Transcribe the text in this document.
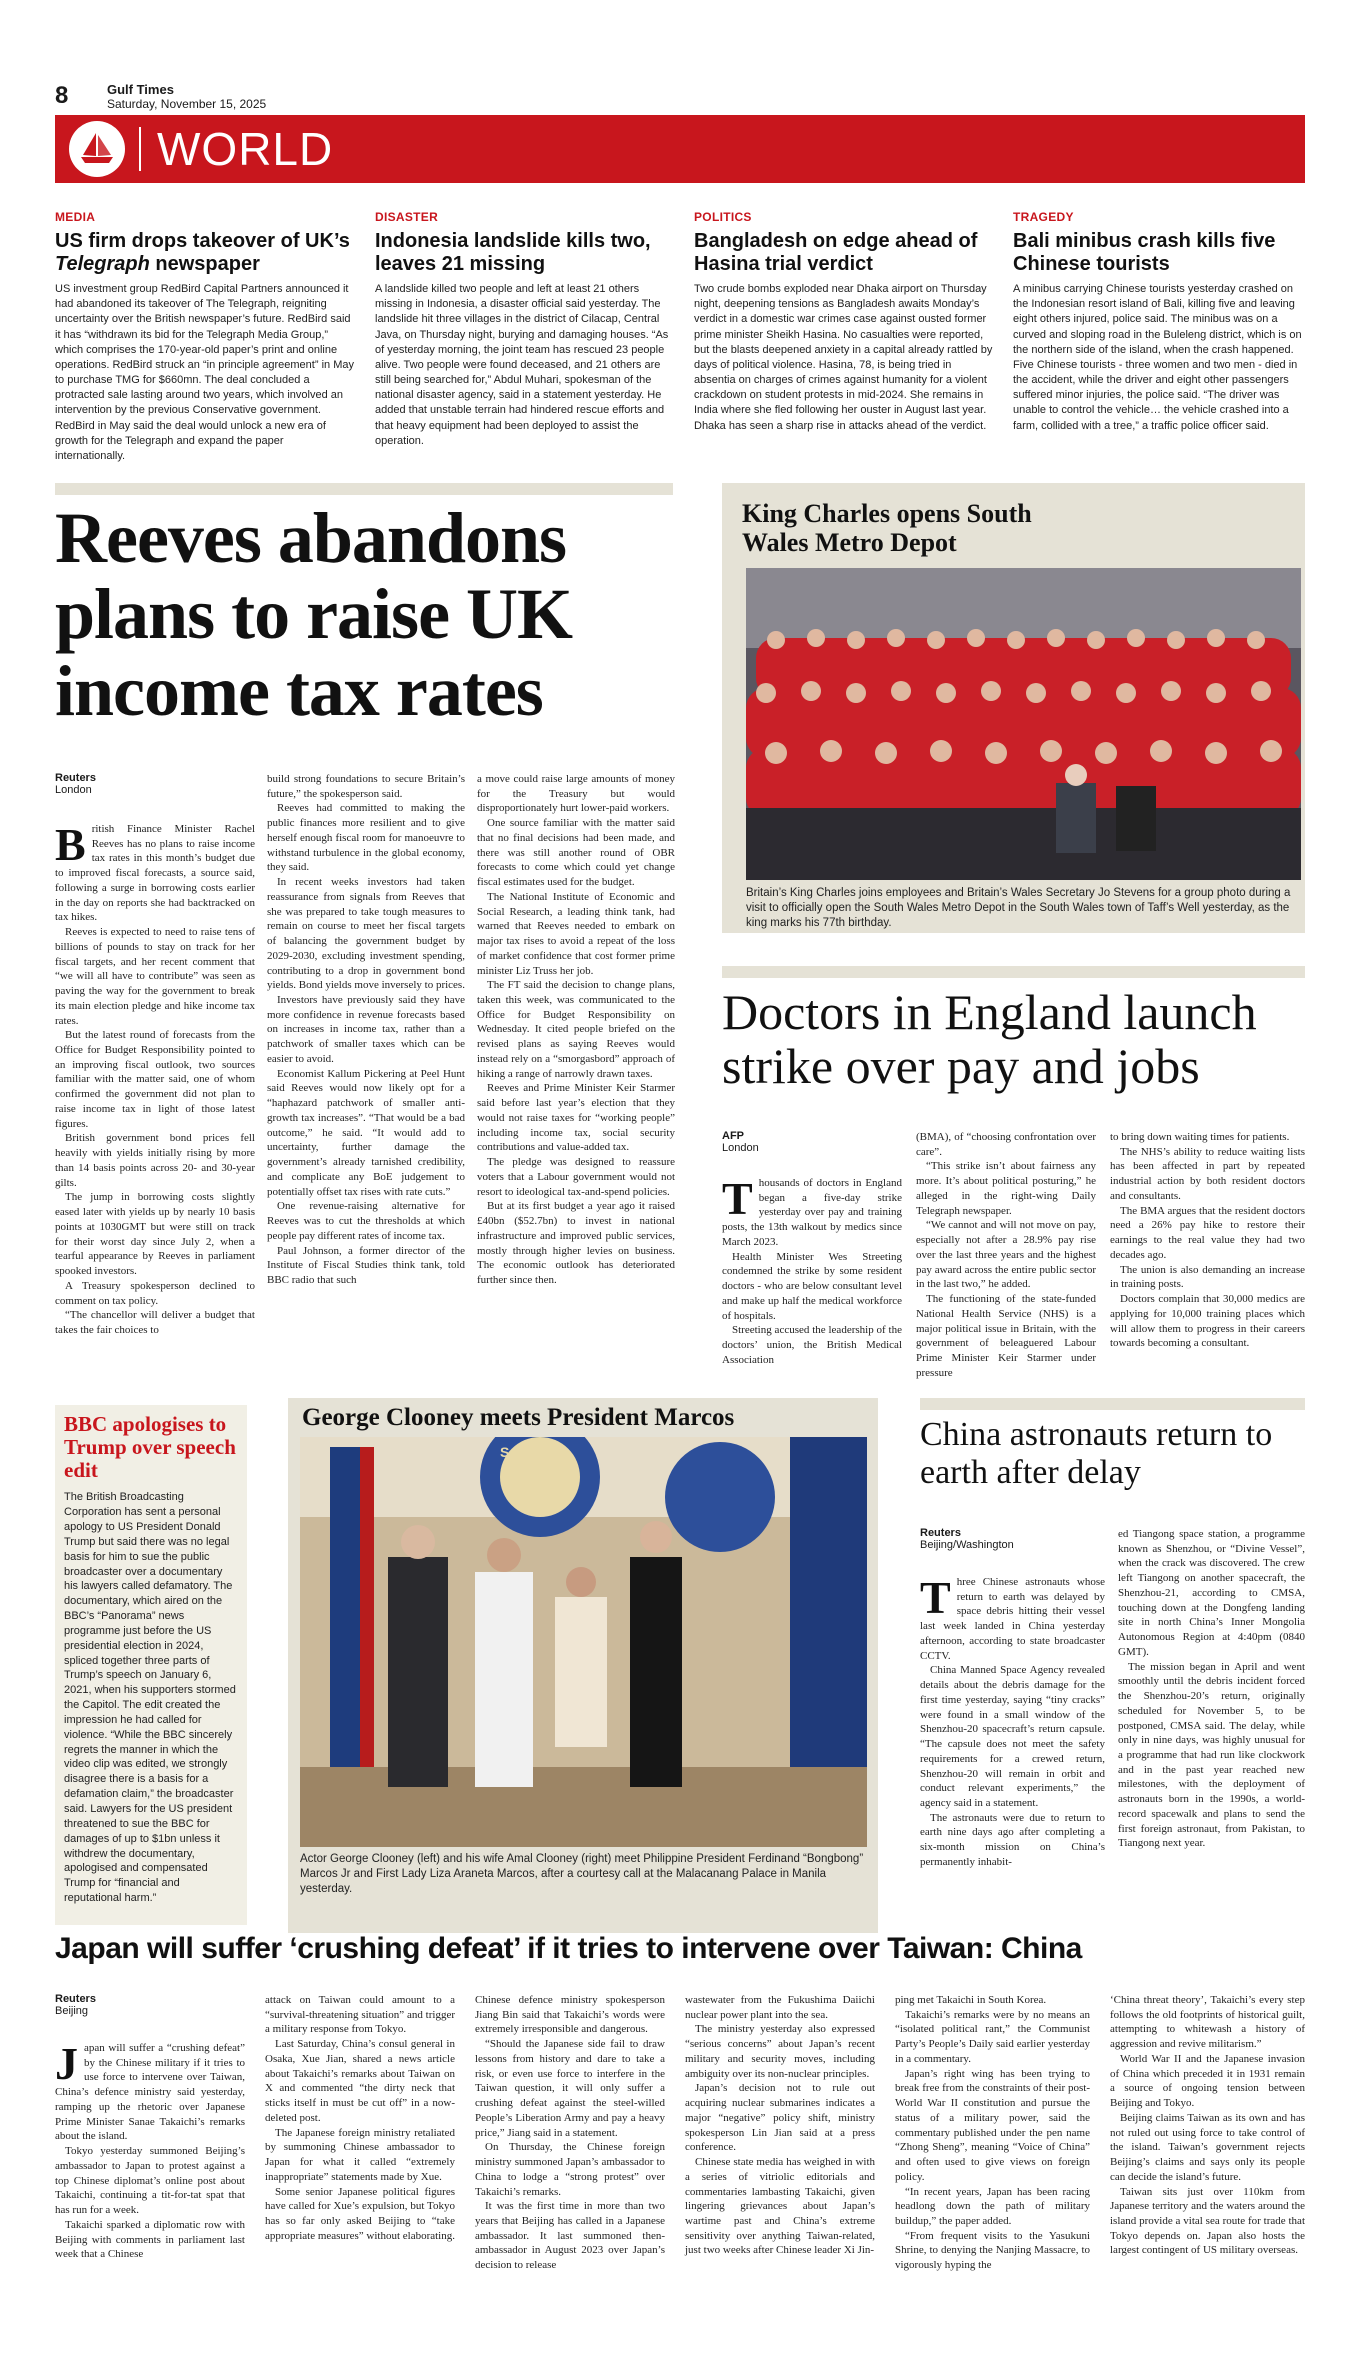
8	Gulf Times
Saturday, November 15, 2025
WORLD
MEDIA
US firm drops takeover of UK’s Telegraph newspaper
US investment group RedBird Capital Partners announced it had abandoned its takeover of The Telegraph, reigniting uncertainty over the British newspaper’s future. RedBird said it has “withdrawn its bid for the Telegraph Media Group,” which comprises the 170-year-old paper’s print and online operations. RedBird struck an “in principle agreement” in May to purchase TMG for $660mn. The deal concluded a protracted sale lasting around two years, which involved an intervention by the previous Conservative government. RedBird in May said the deal would unlock a new era of growth for the Telegraph and expand the paper internationally.
DISASTER
Indonesia landslide kills two, leaves 21 missing
A landslide killed two people and left at least 21 others missing in Indonesia, a disaster official said yesterday. The landslide hit three villages in the district of Cilacap, Central Java, on Thursday night, burying and damaging houses. “As of yesterday morning, the joint team has rescued 23 people alive. Two people were found deceased, and 21 others are still being searched for,” Abdul Muhari, spokesman of the national disaster agency, said in a statement yesterday. He added that unstable terrain had hindered rescue efforts and that heavy equipment had been deployed to assist the operation.
POLITICS
Bangladesh on edge ahead of Hasina trial verdict
Two crude bombs exploded near Dhaka airport on Thursday night, deepening tensions as Bangladesh awaits Monday’s verdict in a domestic war crimes case against ousted former prime minister Sheikh Hasina. No casualties were reported, but the blasts deepened anxiety in a capital already rattled by days of political violence. Hasina, 78, is being tried in absentia on charges of crimes against humanity for a violent crackdown on student protests in mid-2024. She remains in India where she fled following her ouster in August last year. Dhaka has seen a sharp rise in attacks ahead of the verdict.
TRAGEDY
Bali minibus crash kills five Chinese tourists
A minibus carrying Chinese tourists yesterday crashed on the Indonesian resort island of Bali, killing five and leaving eight others injured, police said. The minibus was on a curved and sloping road in the Buleleng district, which is on the northern side of the island, when the crash happened. Five Chinese tourists - three women and two men - died in the accident, while the driver and eight other passengers suffered minor injuries, the police said. “The driver was unable to control the vehicle… the vehicle crashed into a farm, collided with a tree,” a traffic police officer said.
Reeves abandons plans to raise UK income tax rates
Reuters
London

British Finance Minister Rachel Reeves has no plans to raise income tax rates in this month’s budget due to improved fiscal forecasts, a source said, following a surge in borrowing costs earlier in the day on reports she had backtracked on tax hikes.

Reeves is expected to need to raise tens of billions of pounds to stay on track for her fiscal targets, and her recent comment that “we will all have to contribute” was seen as paving the way for the government to break its main election pledge and hike income tax rates.

But the latest round of forecasts from the Office for Budget Responsibility pointed to an improving fiscal outlook, two sources familiar with the matter said, one of whom confirmed the government did not plan to raise income tax in light of those latest figures.

British government bond prices fell heavily with yields initially rising by more than 14 basis points across 20- and 30-year gilts.

The jump in borrowing costs slightly eased later with yields up by nearly 10 basis points at 1030GMT but were still on track for their worst day since July 2, when a tearful appearance by Reeves in parliament spooked investors.

A Treasury spokesperson declined to comment on tax policy.

“The chancellor will deliver a budget that takes the fair choices to

build strong foundations to secure Britain’s future,” the spokesperson said.

Reeves had committed to making the public finances more resilient and to give herself enough fiscal room for manoeuvre to withstand turbulence in the global economy, they said.

In recent weeks investors had taken reassurance from signals from Reeves that she was prepared to take tough measures to remain on course to meet her fiscal targets of balancing the government budget by 2029-2030, excluding investment spending, contributing to a drop in government bond yields. Bond yields move inversely to prices.

Investors have previously said they have more confidence in revenue forecasts based on increases in income tax, rather than a patchwork of smaller taxes which can be easier to avoid.

Economist Kallum Pickering at Peel Hunt said Reeves would now likely opt for a “haphazard patchwork of smaller anti-growth tax increases”. “That would be a bad outcome,” he said. “It would add to uncertainty, further damage the government’s already tarnished credibility, and complicate any BoE judgement to potentially offset tax rises with rate cuts.”

One revenue-raising alternative for Reeves was to cut the thresholds at which people pay different rates of income tax.

Paul Johnson, a former director of the Institute of Fiscal Studies think tank, told BBC radio that such

a move could raise large amounts of money for the Treasury but would disproportionately hurt lower-paid workers.

One source familiar with the matter said that no final decisions had been made, and there was still another round of OBR forecasts to come which could yet change fiscal estimates used for the budget.

The National Institute of Economic and Social Research, a leading think tank, had warned that Reeves needed to embark on major tax rises to avoid a repeat of the loss of market confidence that cost former prime minister Liz Truss her job.

The FT said the decision to change plans, taken this week, was communicated to the Office for Budget Responsibility on Wednesday. It cited people briefed on the revised plans as saying Reeves would instead rely on a “smorgasbord” approach of hiking a range of narrowly drawn taxes.

Reeves and Prime Minister Keir Starmer said before last year’s election that they would not raise taxes for “working people” including income tax, social security contributions and value-added tax.

The pledge was designed to reassure voters that a Labour government would not resort to ideological tax-and-spend policies.

But at its first budget a year ago it raised £40bn ($52.7bn) to invest in national infrastructure and improved public services, mostly through higher levies on business. The economic outlook has deteriorated further since then.

King Charles opens South Wales Metro Depot
Britain’s King Charles joins employees and Britain’s Wales Secretary Jo Stevens for a group photo during a visit to officially open the South Wales Metro Depot in the South Wales town of Taff’s Well yesterday, as the king marks his 77th birthday.
Doctors in England launch strike over pay and jobs
AFP
London

Thousands of doctors in England began a five-day strike yesterday over pay and training posts, the 13th walkout by medics since March 2023.

Health Minister Wes Streeting condemned the strike by some resident doctors - who are below consultant level and make up half the medical workforce of hospitals.

Streeting accused the leadership of the doctors’ union, the British Medical Association

(BMA), of “choosing confrontation over care”.

“This strike isn’t about fairness any more. It’s about political posturing,” he alleged in the right-wing Daily Telegraph newspaper.

“We cannot and will not move on pay, especially not after a 28.9% pay rise over the last three years and the highest pay award across the entire public sector in the last two,” he added.

The functioning of the state-funded National Health Service (NHS) is a major political issue in Britain, with the government of beleaguered Labour Prime Minister Keir Starmer under pressure

to bring down waiting times for patients.

The NHS’s ability to reduce waiting lists has been affected in part by repeated industrial action by both resident doctors and consultants.

The BMA argues that the resident doctors need a 26% pay hike to restore their earnings to the real value they had two decades ago.

The union is also demanding an increase in training posts.

Doctors complain that 30,000 medics are applying for 10,000 training places which will allow them to progress in their careers towards becoming a consultant.

BBC apologises to Trump over speech edit
The British Broadcasting Corporation has sent a personal apology to US President Donald Trump but said there was no legal basis for him to sue the public broadcaster over a documentary his lawyers called defamatory. The documentary, which aired on the BBC’s “Panorama” news programme just before the US presidential election in 2024, spliced together three parts of Trump’s speech on January 6, 2021, when his supporters stormed the Capitol. The edit created the impression he had called for violence. “While the BBC sincerely regrets the manner in which the video clip was edited, we strongly disagree there is a basis for a defamation claim,” the broadcaster said. Lawyers for the US president threatened to sue the BBC for damages of up to $1bn unless it withdrew the documentary, apologised and compensated Trump for “financial and reputational harm.”
George Clooney meets President Marcos
SAG
Actor George Clooney (left) and his wife Amal Clooney (right) meet Philippine President Ferdinand “Bongbong” Marcos Jr and First Lady Liza Araneta Marcos, after a courtesy call at the Malacanang Palace in Manila yesterday.
China astronauts return to earth after delay
Reuters
Beijing/Washington

Three Chinese astronauts whose return to earth was delayed by space debris hitting their vessel last week landed in China yesterday afternoon, according to state broadcaster CCTV.

China Manned Space Agency revealed details about the debris damage for the first time yesterday, saying “tiny cracks” were found in a small window of the Shenzhou-20 spacecraft’s return capsule. “The capsule does not meet the safety requirements for a crewed return, Shenzhou-20 will remain in orbit and conduct relevant experiments,” the agency said in a statement.

The astronauts were due to return to earth nine days ago after completing a six-month mission on China’s permanently inhabit-

ed Tiangong space station, a programme known as Shenzhou, or “Divine Vessel”, when the crack was discovered. The crew left Tiangong on another spacecraft, the Shenzhou-21, according to CMSA, touching down at the Dongfeng landing site in north China’s Inner Mongolia Autonomous Region at 4:40pm (0840 GMT).

The mission began in April and went smoothly until the debris incident forced the Shenzhou-20’s return, originally scheduled for November 5, to be postponed, CMSA said. The delay, while only in nine days, was highly unusual for a programme that had run like clockwork and in the past year reached new milestones, with the deployment of astronauts born in the 1990s, a world-record spacewalk and plans to send the first foreign astronaut, from Pakistan, to Tiangong next year.

Japan will suffer ‘crushing defeat’ if it tries to intervene over Taiwan: China
Reuters
Beijing

Japan will suffer a “crushing defeat” by the Chinese military if it tries to use force to intervene over Taiwan, China’s defence ministry said yesterday, ramping up the rhetoric over Japanese Prime Minister Sanae Takaichi’s remarks about the island.

Tokyo yesterday summoned Beijing’s ambassador to Japan to protest against a top Chinese diplomat’s online post about Takaichi, continuing a tit-for-tat spat that has run for a week.

Takaichi sparked a diplomatic row with Beijing with comments in parliament last week that a Chinese

attack on Taiwan could amount to a “survival-threatening situation” and trigger a military response from Tokyo.

Last Saturday, China’s consul general in Osaka, Xue Jian, shared a news article about Takaichi’s remarks about Taiwan on X and commented “the dirty neck that sticks itself in must be cut off” in a now-deleted post.

The Japanese foreign ministry retaliated by summoning Chinese ambassador to Japan for what it called “extremely inappropriate” statements made by Xue.

Some senior Japanese political figures have called for Xue’s expulsion, but Tokyo has so far only asked Beijing to “take appropriate measures” without elaborating.

Chinese defence ministry spokesperson Jiang Bin said that Takaichi’s words were extremely irresponsible and dangerous.

“Should the Japanese side fail to draw lessons from history and dare to take a risk, or even use force to interfere in the Taiwan question, it will only suffer a crushing defeat against the steel-willed People’s Liberation Army and pay a heavy price,” Jiang said in a statement.

On Thursday, the Chinese foreign ministry summoned Japan’s ambassador to China to lodge a “strong protest” over Takaichi’s remarks.

It was the first time in more than two years that Beijing has called in a Japanese ambassador. It last summoned then-ambassador in August 2023 over Japan’s decision to release

wastewater from the Fukushima Daiichi nuclear power plant into the sea.

The ministry yesterday also expressed “serious concerns” about Japan’s recent military and security moves, including ambiguity over its non-nuclear principles.

Japan’s decision not to rule out acquiring nuclear submarines indicates a major “negative” policy shift, ministry spokesperson Lin Jian said at a press conference.

Chinese state media has weighed in with a series of vitriolic editorials and commentaries lambasting Takaichi, given lingering grievances about Japan’s wartime past and China’s extreme sensitivity over anything Taiwan-related, just two weeks after Chinese leader Xi Jin-

ping met Takaichi in South Korea.

Takaichi’s remarks were by no means an “isolated political rant,” the Communist Party’s People’s Daily said earlier yesterday in a commentary.

Japan’s right wing has been trying to break free from the constraints of their post-World War II constitution and pursue the status of a military power, said the commentary published under the pen name “Zhong Sheng”, meaning “Voice of China” and often used to give views on foreign policy.

“In recent years, Japan has been racing headlong down the path of military buildup,” the paper added.

“From frequent visits to the Yasukuni Shrine, to denying the Nanjing Massacre, to vigorously hyping the

‘China threat theory’, Takaichi’s every step follows the old footprints of historical guilt, attempting to whitewash a history of aggression and revive militarism.”

World War II and the Japanese invasion of China which preceded it in 1931 remain a source of ongoing tension between Beijing and Tokyo.

Beijing claims Taiwan as its own and has not ruled out using force to take control of the island. Taiwan’s government rejects Beijing’s claims and says only its people can decide the island’s future.

Taiwan sits just over 110km from Japanese territory and the waters around the island provide a vital sea route for trade that Tokyo depends on. Japan also hosts the largest contingent of US military overseas.
